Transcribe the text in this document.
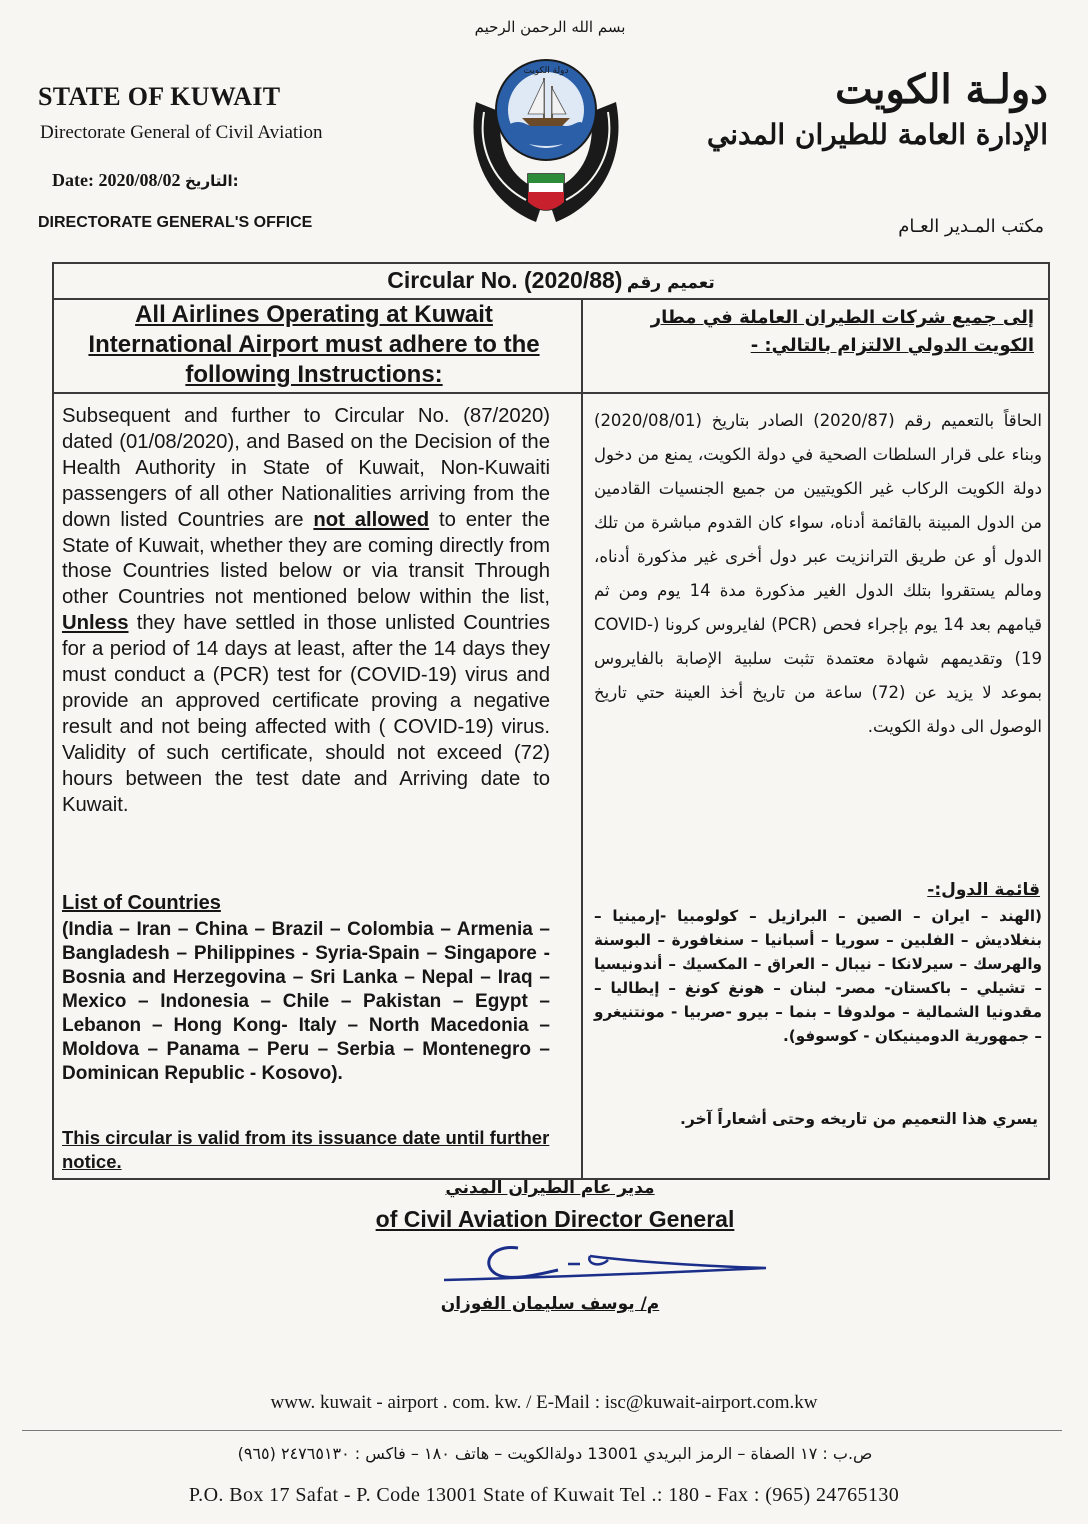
بسم الله الرحمن الرحيم
STATE OF KUWAIT
Directorate General of Civil Aviation
Date: 2020/08/02 التاريخ:
DIRECTORATE GENERAL'S OFFICE
دولـة الكويت
الإدارة العامة للطيران المدني
مكتب المـدير العـام
دولة الكويت
Circular No. (2020/88) تعميم رقم
All Airlines Operating at Kuwait International Airport must adhere to the following Instructions:
إلى جميع شركات الطيران العاملة في مطار الكويت الدولي الالتزام بالتالي: -
Subsequent and further to Circular No. (87/2020) dated (01/08/2020), and Based on the Decision of the Health Authority in State of Kuwait, Non-Kuwaiti passengers of all other Nationalities arriving from the down listed Countries are not allowed to enter the State of Kuwait, whether they are coming directly from those Countries listed below or via transit Through other Countries not mentioned below within the list, Unless they have settled in those unlisted Countries for a period of 14 days at least, after the 14 days they must conduct a (PCR) test for (COVID-19) virus and provide an approved certificate proving a negative result and not being affected with ( COVID-19) virus. Validity of such certificate, should not exceed (72) hours between the test date and Arriving date to Kuwait.
List of Countries
(India – Iran – China – Brazil – Colombia – Armenia – Bangladesh – Philippines - Syria-Spain – Singapore - Bosnia and Herzegovina – Sri Lanka – Nepal – Iraq – Mexico – Indonesia – Chile – Pakistan – Egypt – Lebanon – Hong Kong- Italy – North Macedonia – Moldova – Panama – Peru – Serbia – Montenegro – Dominican Republic - Kosovo).
This circular is valid from its issuance date until further notice.
الحاقاً بالتعميم رقم (2020/87) الصادر بتاريخ (2020/08/01) وبناء على قرار السلطات الصحية في دولة الكويت، يمنع من دخول دولة الكويت الركاب غير الكويتيين من جميع الجنسيات القادمين من الدول المبينة بالقائمة أدناه، سواء كان القدوم مباشرة من تلك الدول أو عن طريق الترانزيت عبر دول أخرى غير مذكورة أدناه، ومالم يستقروا بتلك الدول الغير مذكورة مدة 14 يوم ومن ثم قيامهم بعد 14 يوم بإجراء فحص (PCR) لفايروس كرونا (COVID-19) وتقديمهم شهادة معتمدة تثبت سلبية الإصابة بالفايروس بموعد لا يزيد عن (72) ساعة من تاريخ أخذ العينة حتي تاريخ الوصول الى دولة الكويت.
قائمة الدول:-
(الهند – ايران – الصين – البرازيل – كولومبيا -إرمينيا – بنغلاديش – الفلبين – سوريا – أسبانيا – سنغافورة – البوسنة والهرسك – سيرلانكا – نيبال – العراق – المكسيك – أندونيسيا – تشيلي – باكستان- مصر- لبنان – هونغ كونغ – إيطاليا – مقدونيا الشمالية – مولدوفا – بنما – بيرو -صربيا - مونتنيغرو – جمهورية الدومينيكان - كوسوفو).
يسري هذا التعميم من تاريخه وحتى أشعاراً آخر.
مدير عام الطيران المدني
of Civil Aviation Director General
م/ يوسف سليمان الفوزان
www. kuwait - airport . com. kw. / E-Mail : isc@kuwait-airport.com.kw
ص.ب : ١٧ الصفاة – الرمز البريدي 13001 دولةالكويت – هاتف ١٨٠ – فاكس : ٢٤٧٦٥١٣٠ (٩٦٥)
P.O. Box 17 Safat - P. Code 13001 State of Kuwait Tel .: 180 - Fax : (965) 24765130
